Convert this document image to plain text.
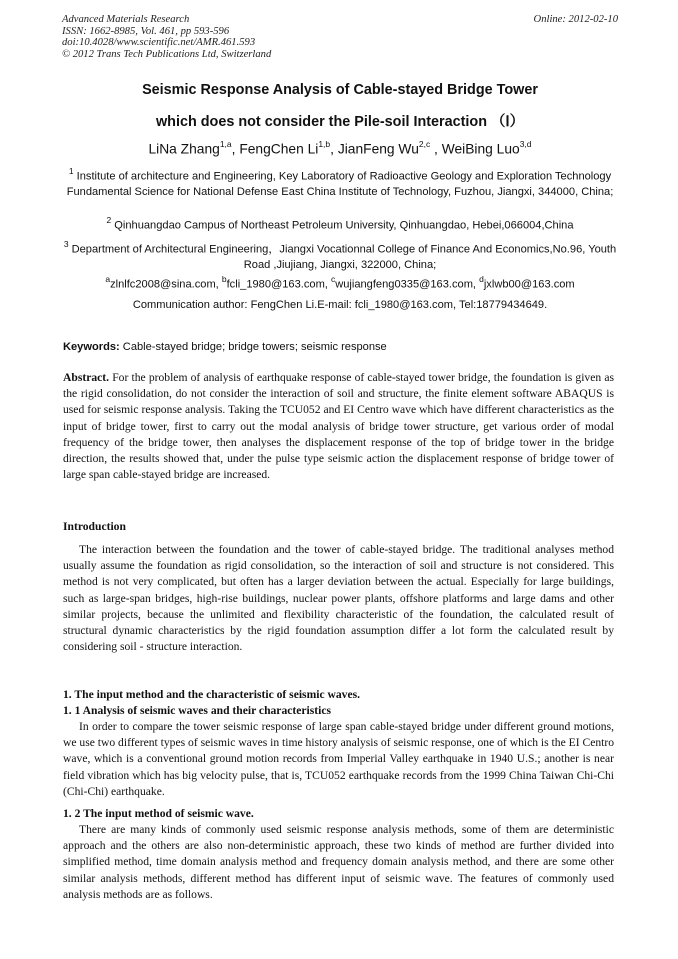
Advanced Materials Research
ISSN: 1662-8985, Vol. 461, pp 593-596
doi:10.4028/www.scientific.net/AMR.461.593
© 2012 Trans Tech Publications Ltd, Switzerland
Online: 2012-02-10
Seismic Response Analysis of Cable-stayed Bridge Tower
which does not consider the Pile-soil Interaction （Ⅰ）
LiNa Zhang$^{1,a}$, FengChen Li$^{1,b}$, JianFeng Wu$^{2,c}$ , WeiBing Luo$^{3,d}$
$^1$ Institute of architecture and Engineering, Key Laboratory of Radioactive Geology and Exploration Technology Fundamental Science for National Defense East China Institute of Technology, Fuzhou, Jiangxi, 344000, China;
$^2$ Qinhuangdao Campus of Northeast Petroleum University, Qinhuangdao, Hebei,066004,China
$^3$ Department of Architectural Engineering，Jiangxi Vocationnal College of Finance And Economics,No.96, Youth Road ,Jiujiang, Jiangxi, 322000, China;
$^a$zlnlfc2008@sina.com, $^b$fcli_1980@163.com, $^c$wujiangfeng0335@163.com, $^d$jxlwb00@163.com
Communication author: FengChen Li.E-mail: fcli_1980@163.com, Tel:18779434649.
Keywords: Cable-stayed bridge; bridge towers; seismic response
Abstract. For the problem of analysis of earthquake response of cable-stayed tower bridge, the foundation is given as the rigid consolidation, do not consider the interaction of soil and structure, the finite element software ABAQUS is used for seismic response analysis. Taking the TCU052 and EI Centro wave which have different characteristics as the input of bridge tower, first to carry out the modal analysis of bridge tower structure, get various order of modal frequency of the bridge tower, then analyses the displacement response of the top of bridge tower in the bridge direction, the results showed that, under the pulse type seismic action the displacement response of bridge tower of large span cable-stayed bridge are increased.
Introduction
The interaction between the foundation and the tower of cable-stayed bridge. The traditional analyses method usually assume the foundation as rigid consolidation, so the interaction of soil and structure is not considered. This method is not very complicated, but often has a larger deviation between the actual. Especially for large buildings, such as large-span bridges, high-rise buildings, nuclear power plants, offshore platforms and large dams and other similar projects, because the unlimited and flexibility characteristic of the foundation, the calculated result of structural dynamic characteristics by the rigid foundation assumption differ a lot form the calculated result by considering soil - structure interaction.
1. The input method and the characteristic of seismic waves.
1. 1 Analysis of seismic waves and their characteristics
In order to compare the tower seismic response of large span cable-stayed bridge under different ground motions, we use two different types of seismic waves in time history analysis of seismic response, one of which is the EI Centro wave, which is a conventional ground motion records from Imperial Valley earthquake in 1940 U.S.; another is near field vibration which has big velocity pulse, that is, TCU052 earthquake records from the 1999 China Taiwan Chi-Chi (Chi-Chi) earthquake.
1. 2 The input method of seismic wave.
There are many kinds of commonly used seismic response analysis methods, some of them are deterministic approach and the others are also non-deterministic approach, these two kinds of method are further divided into simplified method, time domain analysis method and frequency domain analysis method, and there are some other similar analysis methods, different method has different input of seismic wave. The features of commonly used analysis methods are as follows.
